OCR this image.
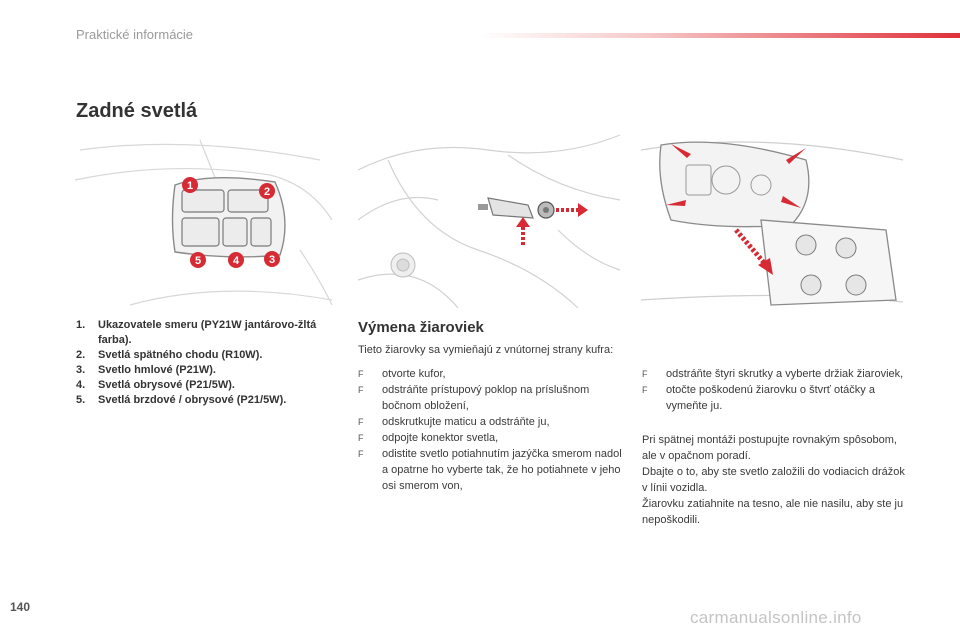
Praktické informácie
Zadné svetlá
1	2
3
4
5
1.	Ukazovatele smeru (PY21W jantárovo-žltá farba).
2.	Svetlá spätného chodu (R10W).
3.	Svetlo hmlové (P21W).
4.	Svetlá obrysové (P21/5W).
5.	Svetlá brzdové / obrysové (P21/5W).
Výmena žiaroviek

Tieto žiarovky sa vymieňajú z vnútornej strany kufra:

F	otvorte kufor,
F	odstráňte prístupový poklop na príslušnom bočnom obložení,
F	odskrutkujte maticu a odstráňte ju,
F	odpojte konektor svetla,
F	odistite svetlo potiahnutím jazýčka smerom nadol a opatrne ho vyberte tak, že ho potiahnete v jeho osi smerom von,
F	odstráňte štyri skrutky a vyberte držiak žiaroviek,
F	otočte poškodenú žiarovku o štvrť otáčky a vymeňte ju.

Pri spätnej montáži postupujte rovnakým spôsobom, ale v opačnom poradí.

Dbajte o to, aby ste svetlo založili do vodiacich drážok v línii vozidla.

Žiarovku zatiahnite na tesno, ale nie nasilu, aby ste ju nepoškodili.

140
carmanualsonline.info
